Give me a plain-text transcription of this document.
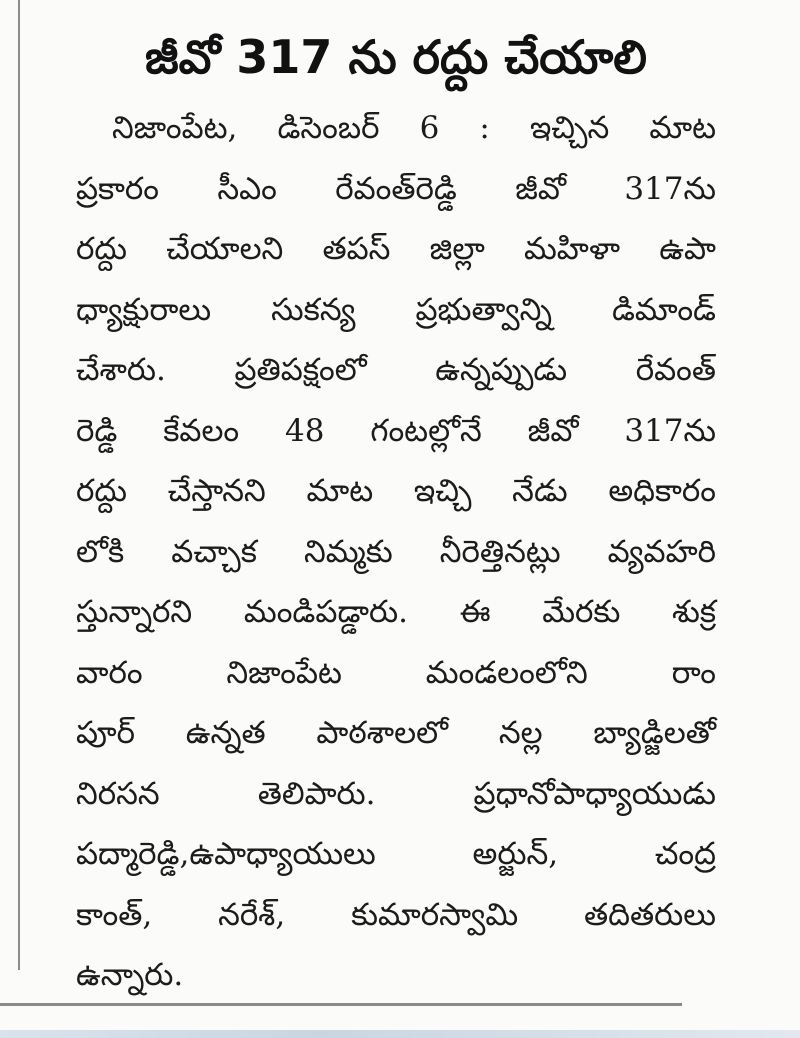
జీవో 317 ను రద్దు చేయాలి
నిజాంపేట, డిసెంబర్ 6 : ఇచ్చిన మాట
ప్రకారం సీఎం రేవంత్‌రెడ్డి జీవో 317ను
రద్దు చేయాలని తపస్ జిల్లా మహిళా ఉపా
ధ్యాక్షురాలు సుకన్య ప్రభుత్వాన్ని డిమాండ్
చేశారు. ప్రతిపక్షంలో ఉన్నప్పుడు రేవంత్
రెడ్డి కేవలం 48 గంటల్లోనే జీవో 317ను
రద్దు చేస్తానని మాట ఇచ్చి నేడు అధికారం
లోకి వచ్చాక నిమ్మకు నీరెత్తినట్లు వ్యవహరి
స్తున్నారని మండిపడ్డారు. ఈ మేరకు శుక్ర
వారం నిజాంపేట మండలంలోని రాం
పూర్ ఉన్నత పాఠశాలలో నల్ల బ్యాడ్జిలతో
నిరసన తెలిపారు. ప్రధానోపాధ్యాయుడు
పద్మారెడ్డి,ఉపాధ్యాయులు అర్జున్, చంద్ర
కాంత్, నరేశ్, కుమారస్వామి తదితరులు
ఉన్నారు.
